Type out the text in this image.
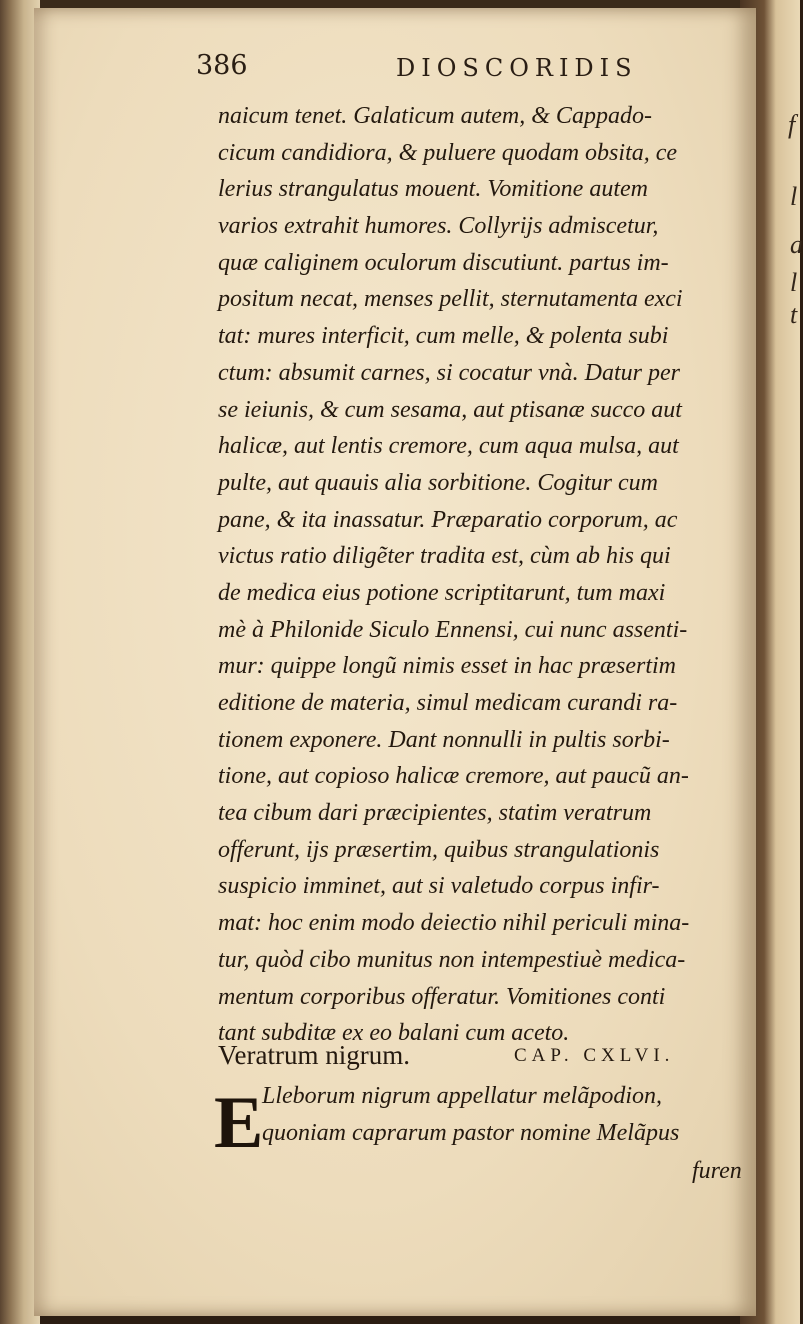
f
l
a
l
t
386	DIOSCORIDIS
naicum tenet. Galaticum autem, & Cappado-
cicum candidiora, & puluere quodam obsita, ce
lerius strangulatus mouent. Vomitione autem
varios extrahit humores. Collyrijs admiscetur,
quæ caliginem oculorum discutiunt. partus im-
positum necat, menses pellit, sternutamenta exci
tat: mures interficit, cum melle, & polenta subi
ctum: absumit carnes, si cocatur vnà. Datur per
se ieiunis, & cum sesama, aut ptisanæ succo aut
halicæ, aut lentis cremore, cum aqua mulsa, aut
pulte, aut quauis alia sorbitione. Cogitur cum
pane, & ita inassatur. Præparatio corporum, ac
victus ratio diligẽter tradita est, cùm ab his qui
de medica eius potione scriptitarunt, tum maxi
mè à Philonide Siculo Ennensi, cui nunc assenti-
mur: quippe longũ nimis esset in hac præsertim
editione de materia, simul medicam curandi ra-
tionem exponere. Dant nonnulli in pultis sorbi-
tione, aut copioso halicæ cremore, aut paucũ an-
tea cibum dari præcipientes, statim veratrum
offerunt, ijs præsertim, quibus strangulationis
suspicio imminet, aut si valetudo corpus infir-
mat: hoc enim modo deiectio nihil periculi mina-
tur, quòd cibo munitus non intempestiuè medica-
mentum corporibus offeratur. Vomitiones conti
tant subditæ ex eo balani cum aceto.
Veratrum nigrum.	CAP. CXLVI.
E
Lleborum nigrum appellatur melãpodion,
quoniam caprarum pastor nomine Melãpus
furen
